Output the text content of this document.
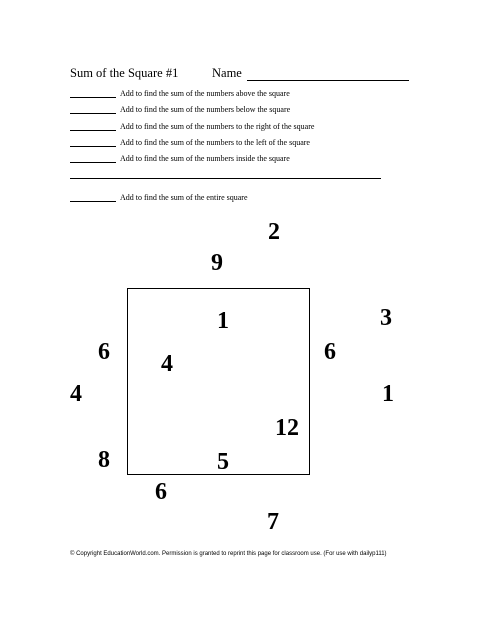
Sum of the Square #1	Name
Add to find the sum of the numbers above the square
Add to find the sum of the numbers below the square
Add to find the sum of the numbers to the right of the square
Add to find the sum of the numbers to the left of the square
Add to find the sum of the numbers inside the square
Add to find the sum of the entire square
2
9
3
6
1
6
4
8
1
4
12
5
6
7
© Copyright EducationWorld.com. Permission is granted to reprint this page for classroom use. (For use with dailyp111)
